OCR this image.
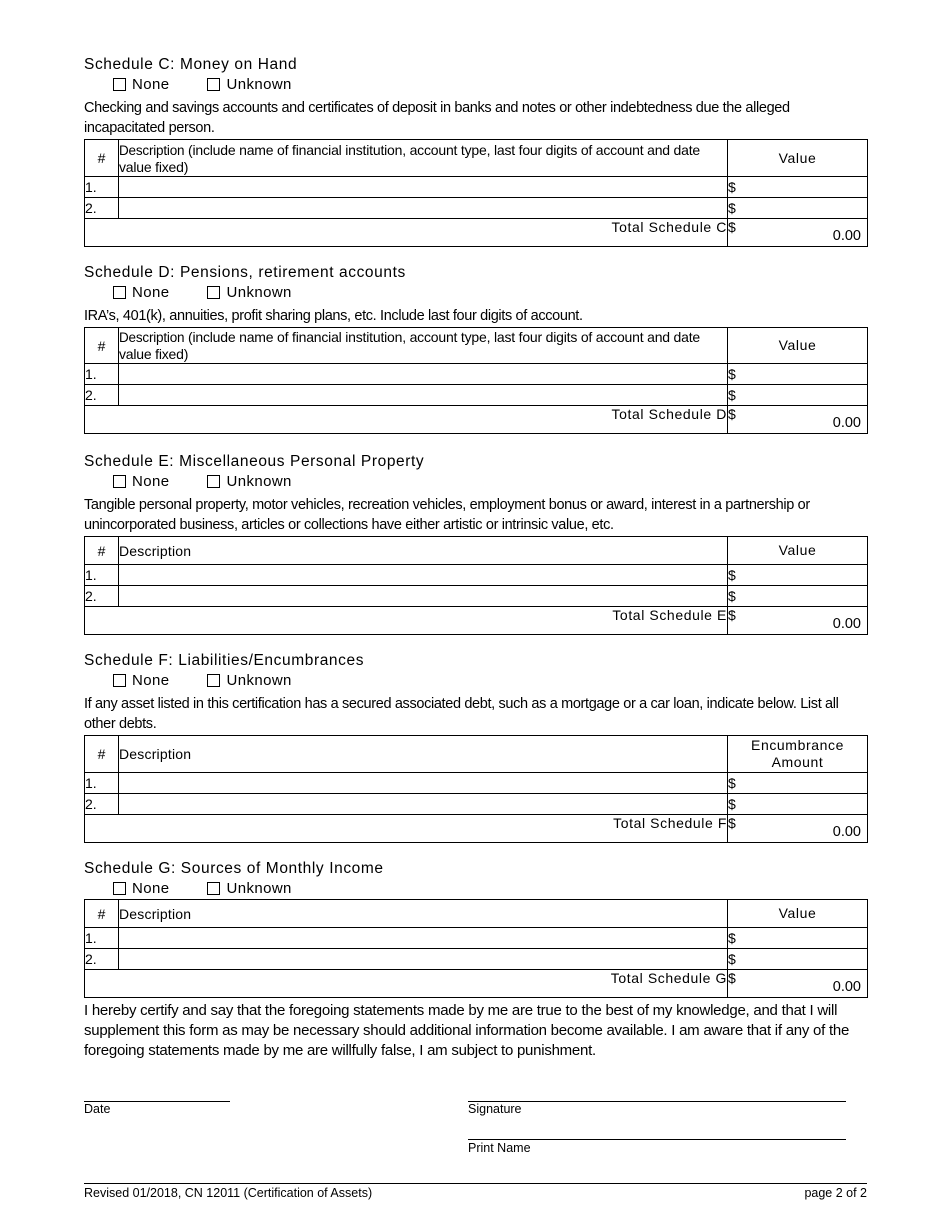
Schedule C: Money on Hand
None	Unknown
Checking and savings accounts and certificates of deposit in banks and notes or other indebtedness due the alleged incapacitated person.
#	Description (include name of financial institution, account type, last four digits of account and date value fixed)	Value
1.		$
2.		$
Total Schedule C		$
0.00
Schedule D: Pensions, retirement accounts
None	Unknown
IRA’s, 401(k), annuities, profit sharing plans, etc. Include last four digits of account.
#	Description (include name of financial institution, account type, last four digits of account and date value fixed)	Value
1.		$
2.		$
Total Schedule D		$
0.00
Schedule E: Miscellaneous Personal Property
None	Unknown
Tangible personal property, motor vehicles, recreation vehicles, employment bonus or award, interest in a partnership or unincorporated business, articles or collections have either artistic or intrinsic value, etc.
#	Description	Value
1.		$
2.		$
Total Schedule E		$
0.00
Schedule F: Liabilities/Encumbrances
None	Unknown
If any asset listed in this certification has a secured associated debt, such as a mortgage or a car loan, indicate below. List all other debts.
#	Description	Encumbrance Amount

1.		$
2.		$
Total Schedule F		$
0.00
Schedule G: Sources of Monthly Income
None	Unknown
#	Description	Value
1.		$
2.		$
Total Schedule G		$
0.00
I hereby certify and say that the foregoing statements made by me are true to the best of my knowledge, and that I will supplement this form as may be necessary should additional information become available. I am aware that if any of the foregoing statements made by me are willfully false, I am subject to punishment.
Date	Signature
Print Name
Revised 01/2018, CN 12011 (Certification of Assets)	page 2 of 2
